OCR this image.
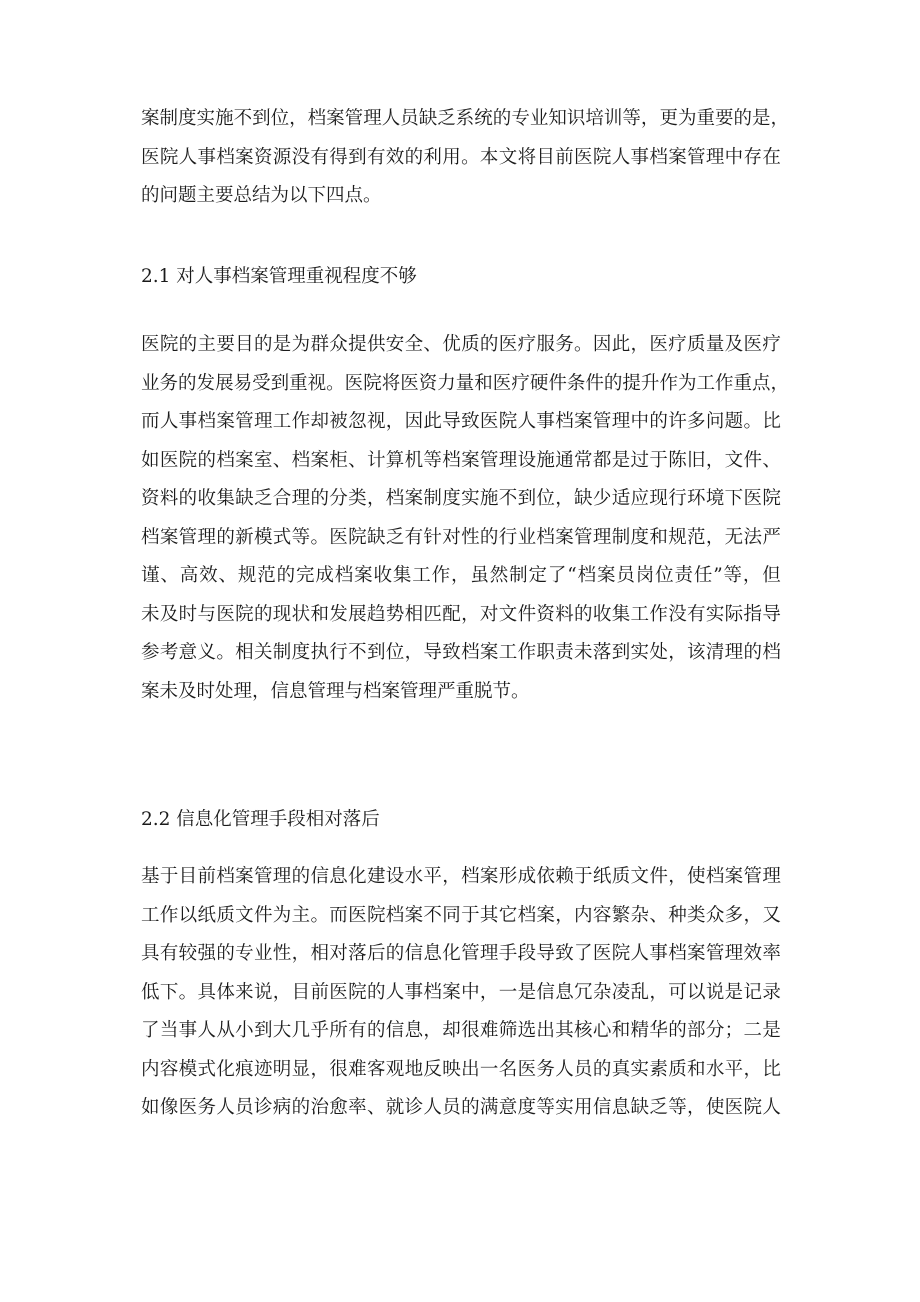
案 制 度 实 施 不 到 位 ， 档 案 管 理 人 员 缺 乏 系 统 的 专 业 知 识 培 训 等 ， 更 为 重 要 的 是 ，
医 院 人 事 档 案 资 源 没 有 得 到 有 效 的 利 用 。 本 文 将 目 前 医 院 人 事 档 案 管 理 中 存 在
的问题主要总结为以下四点。
2.1 对人事档案管理重视程度不够
医 院 的 主 要 目 的 是 为 群 众 提 供 安 全 、 优 质 的 医 疗 服 务 。 因 此 ， 医 疗 质 量 及 医 疗
业 务 的 发 展 易 受 到 重 视 。 医 院 将 医 资 力 量 和 医 疗 硬 件 条 件 的 提 升 作 为 工 作 重 点 ，
而 人 事 档 案 管 理 工 作 却 被 忽 视 ， 因 此 导 致 医 院 人 事 档 案 管 理 中 的 许 多 问 题 。 比
如 医 院 的 档 案 室 、 档 案 柜 、 计 算 机 等 档 案 管 理 设 施 通 常 都 是 过 于 陈 旧 ， 文 件 、
资 料 的 收 集 缺 乏 合 理 的 分 类 ， 档 案 制 度 实 施 不 到 位 ， 缺 少 适 应 现 行 环 境 下 医 院
档 案 管 理 的 新 模 式 等 。 医 院 缺 乏 有 针 对 性 的 行 业 档 案 管 理 制 度 和 规 范 ， 无 法 严
谨 、 高 效 、 规 范 的 完 成 档 案 收 集 工 作 ， 虽 然 制 定 了 “ 档 案 员 岗 位 责 任 ” 等 ， 但
未 及 时 与 医 院 的 现 状 和 发 展 趋 势 相 匹 配 ， 对 文 件 资 料 的 收 集 工 作 没 有 实 际 指 导
参 考 意 义 。 相 关 制 度 执 行 不 到 位 ， 导 致 档 案 工 作 职 责 未 落 到 实 处 ， 该 清 理 的 档
案未及时处理，信息管理与档案管理严重脱节。
2.2 信息化管理手段相对落后
基 于 目 前 档 案 管 理 的 信 息 化 建 设 水 平 ， 档 案 形 成 依 赖 于 纸 质 文 件 ， 使 档 案 管 理
工 作 以 纸 质 文 件 为 主 。 而 医 院 档 案 不 同 于 其 它 档 案 ， 内 容 繁 杂 、 种 类 众 多 ， 又
具 有 较 强 的 专 业 性 ， 相 对 落 后 的 信 息 化 管 理 手 段 导 致 了 医 院 人 事 档 案 管 理 效 率
低 下 。 具 体 来 说 ， 目 前 医 院 的 人 事 档 案 中 ， 一 是 信 息 冗 杂 凌 乱 ， 可 以 说 是 记 录
了 当 事 人 从 小 到 大 几 乎 所 有 的 信 息 ， 却 很 难 筛 选 出 其 核 心 和 精 华 的 部 分 ； 二 是
内 容 模 式 化 痕 迹 明 显 ， 很 难 客 观 地 反 映 出 一 名 医 务 人 员 的 真 实 素 质 和 水 平 ， 比
如 像 医 务 人 员 诊 病 的 治 愈 率 、 就 诊 人 员 的 满 意 度 等 实 用 信 息 缺 乏 等 ， 使 医 院 人
